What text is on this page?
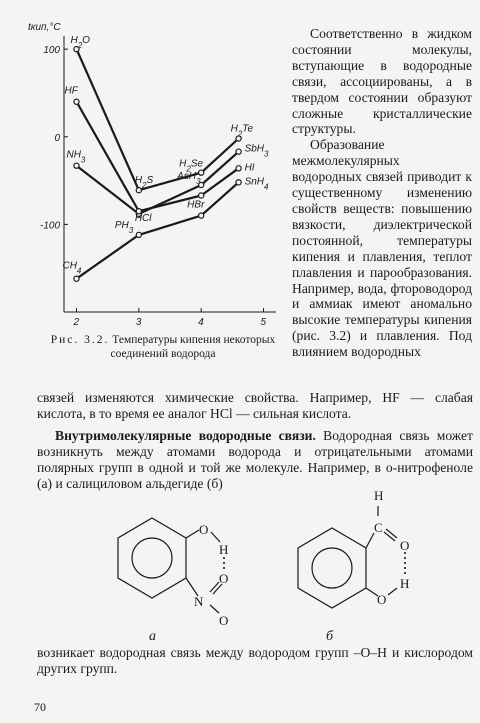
tкип,°C
2	3	4	5
100
0
-100
$H_2O$
HF
$NH_3$
$CH_4$
$H_2S$
HCl
$PH_3$
$H_2Se$
AsH$_3$
HBr
$H_2Te$
SbH$_3$
HI
SnH$_4$
Рис. 3.2. Температуры кипения некоторых соединений водорода

Соответственно в жидком состоянии молекулы, вступающие в водородные связи, ассоциированы, а в твердом состоянии образуют сложные кристаллические структуры.

Образование межмолекулярных водородных связей приводит к существенному изменению свойств веществ: повышению вязкости, диэлектрической постоянной, температуры кипения и плавления, теплот плавления и парообразования. Например, вода, фтороводород и аммиак имеют аномально высокие температуры кипения (рис. 3.2) и плавления. Под влиянием водородных

связей изменяются химические свойства. Например, HF — слабая кислота, в то время ее аналог HCl — сильная кислота.

Внутримолекулярные водородные связи. Водородная связь может возникнуть между атомами водорода и отрицательными атомами полярных групп в одной и той же молекуле. Например, в о-нитрофеноле (а) и салициловом альдегиде (б)

O
H
N
O
O
а
H
C
O
O
H
б

возникает водородная связь между водородом групп –O–H и кислородом других групп.

70
